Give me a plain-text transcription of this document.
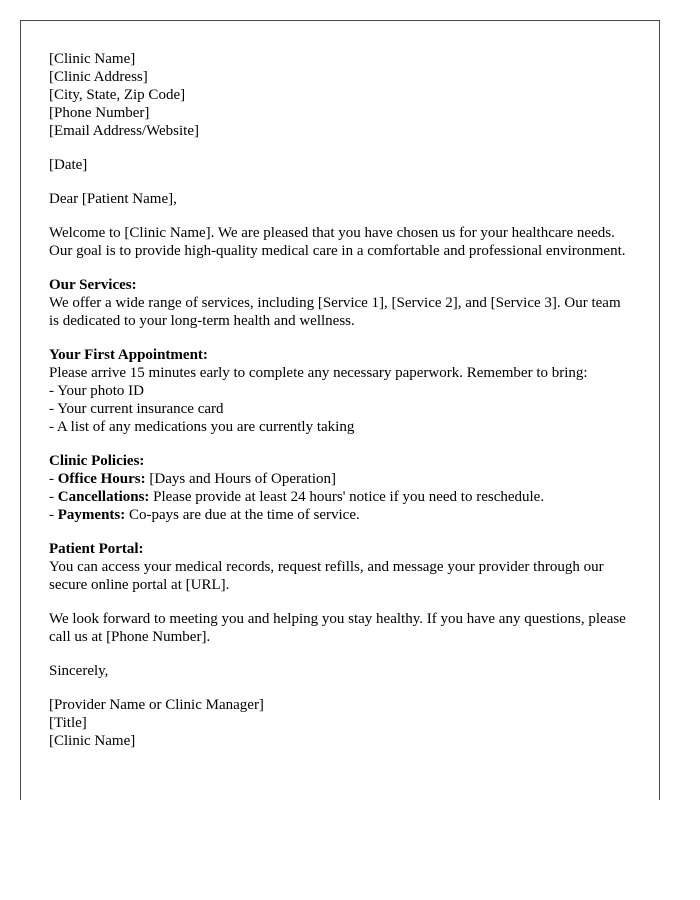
[Clinic Name]
[Clinic Address]
[City, State, Zip Code]
[Phone Number]
[Email Address/Website]

[Date]

Dear [Patient Name],

Welcome to [Clinic Name]. We are pleased that you have chosen us for your healthcare needs. Our goal is to provide high-quality medical care in a comfortable and professional environment.

Our Services:
We offer a wide range of services, including [Service 1], [Service 2], and [Service 3]. Our team is dedicated to your long-term health and wellness.

Your First Appointment:
Please arrive 15 minutes early to complete any necessary paperwork. Remember to bring:
- Your photo ID
- Your current insurance card
- A list of any medications you are currently taking

Clinic Policies:
- Office Hours: [Days and Hours of Operation]
- Cancellations: Please provide at least 24 hours' notice if you need to reschedule.
- Payments: Co-pays are due at the time of service.

Patient Portal:
You can access your medical records, request refills, and message your provider through our secure online portal at [URL].

We look forward to meeting you and helping you stay healthy. If you have any questions, please call us at [Phone Number].

Sincerely,

[Provider Name or Clinic Manager]
[Title]
[Clinic Name]
